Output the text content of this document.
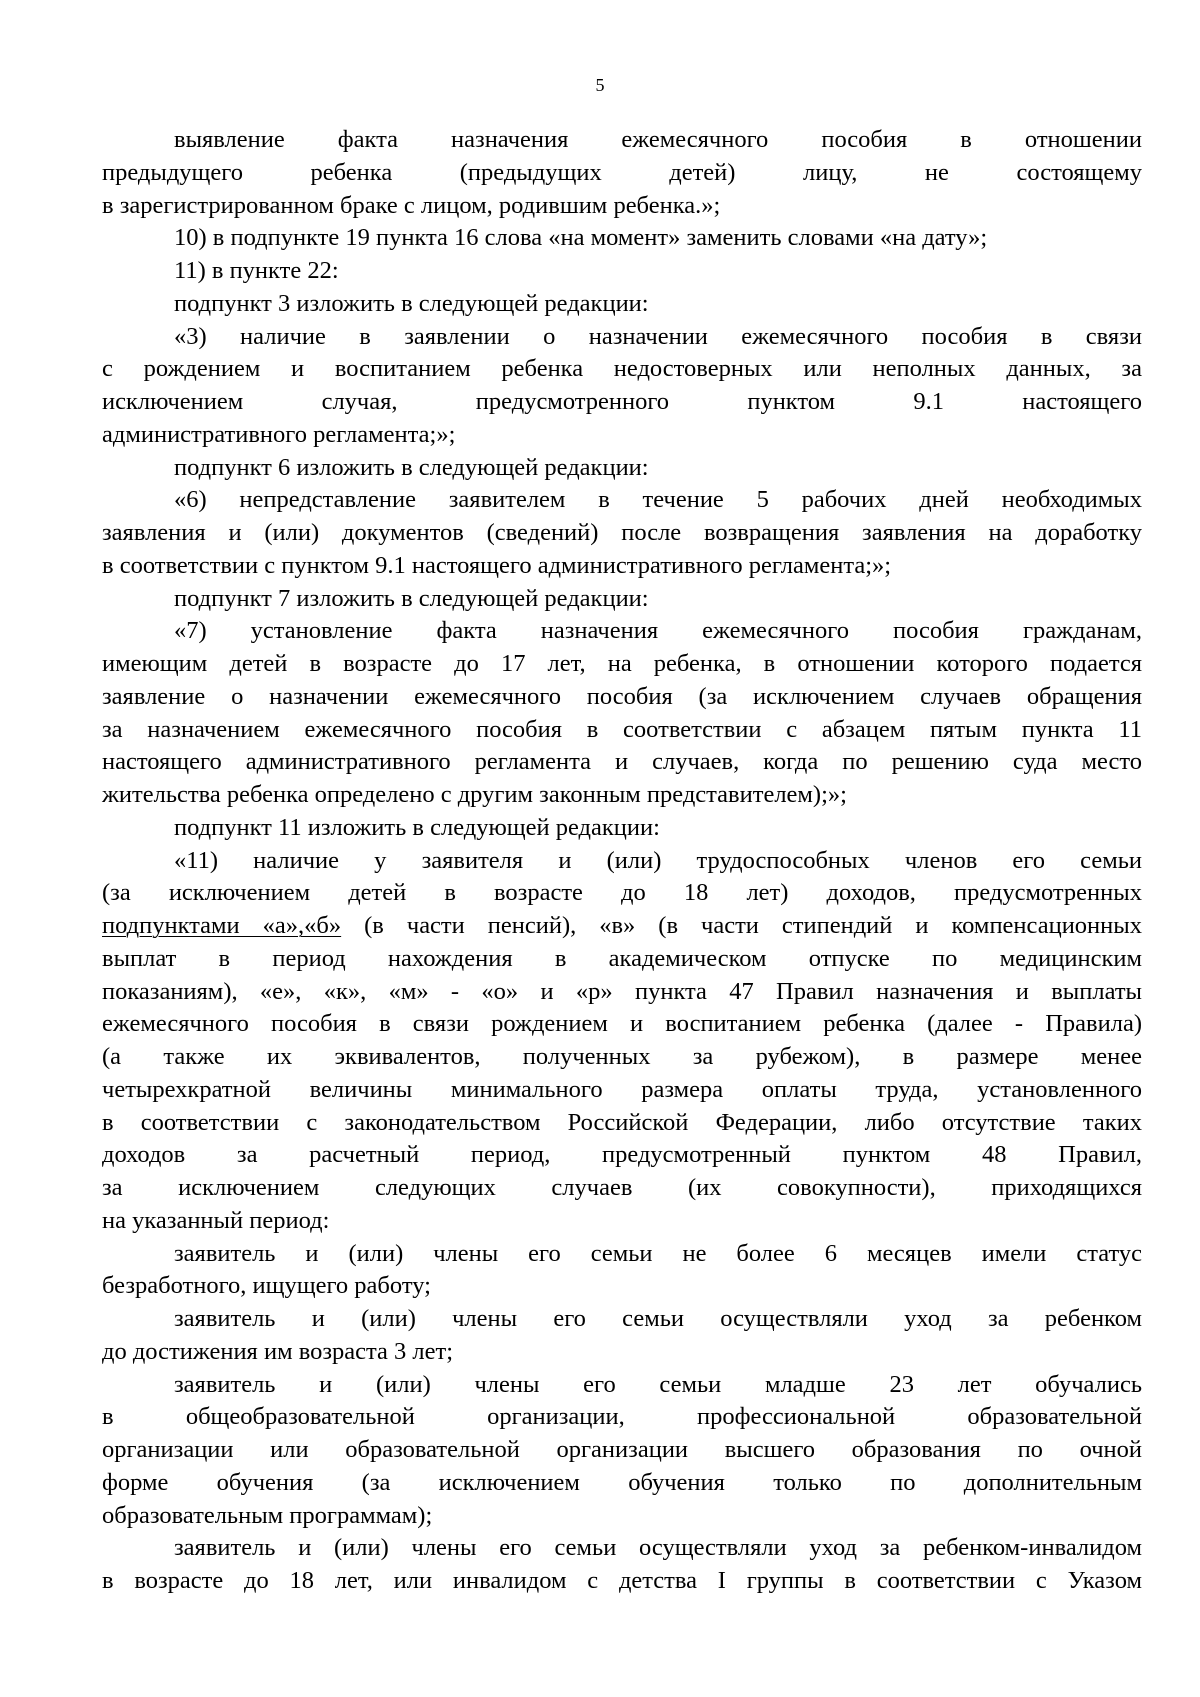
5
выявление факта назначения ежемесячного пособия в отношении
предыдущего ребенка (предыдущих детей) лицу, не состоящему
в зарегистрированном браке с лицом, родившим ребенка.»;
10) в подпункте 19 пункта 16 слова «на момент» заменить словами «на дату»;
11) в пункте 22:
подпункт 3 изложить в следующей редакции:
«3) наличие в заявлении о назначении ежемесячного пособия в связи
с рождением и воспитанием ребенка недостоверных или неполных данных, за
исключением случая, предусмотренного пунктом 9.1 настоящего
административного регламента;»;
подпункт 6 изложить в следующей редакции:
«6) непредставление заявителем в течение 5 рабочих дней необходимых
заявления и (или) документов (сведений) после возвращения заявления на доработку
в соответствии с пунктом 9.1 настоящего административного регламента;»;
подпункт 7 изложить в следующей редакции:
«7) установление факта назначения ежемесячного пособия гражданам,
имеющим детей в возрасте до 17 лет, на ребенка, в отношении которого подается
заявление о назначении ежемесячного пособия (за исключением случаев обращения
за назначением ежемесячного пособия в соответствии с абзацем пятым пункта 11
настоящего административного регламента и случаев, когда по решению суда место
жительства ребенка определено с другим законным представителем);»;
подпункт 11 изложить в следующей редакции:
«11) наличие у заявителя и (или) трудоспособных членов его семьи
(за исключением детей в возрасте до 18 лет) доходов, предусмотренных
подпунктами «а»,«б» (в части пенсий), «в» (в части стипендий и компенсационных
выплат в период нахождения в академическом отпуске по медицинским
показаниям), «е», «к», «м» - «о» и «р» пункта 47 Правил назначения и выплаты
ежемесячного пособия в связи рождением и воспитанием ребенка (далее - Правила)
(а также их эквивалентов, полученных за рубежом), в размере менее
четырехкратной величины минимального размера оплаты труда, установленного
в соответствии с законодательством Российской Федерации, либо отсутствие таких
доходов за расчетный период, предусмотренный пунктом 48 Правил,
за исключением следующих случаев (их совокупности), приходящихся
на указанный период:
заявитель и (или) члены его семьи не более 6 месяцев имели статус
безработного, ищущего работу;
заявитель и (или) члены его семьи осуществляли уход за ребенком
до достижения им возраста 3 лет;
заявитель и (или) члены его семьи младше 23 лет обучались
в общеобразовательной организации, профессиональной образовательной
организации или образовательной организации высшего образования по очной
форме обучения (за исключением обучения только по дополнительным
образовательным программам);
заявитель и (или) члены его семьи осуществляли уход за ребенком-инвалидом
в возрасте до 18 лет, или инвалидом с детства I группы в соответствии с Указом
